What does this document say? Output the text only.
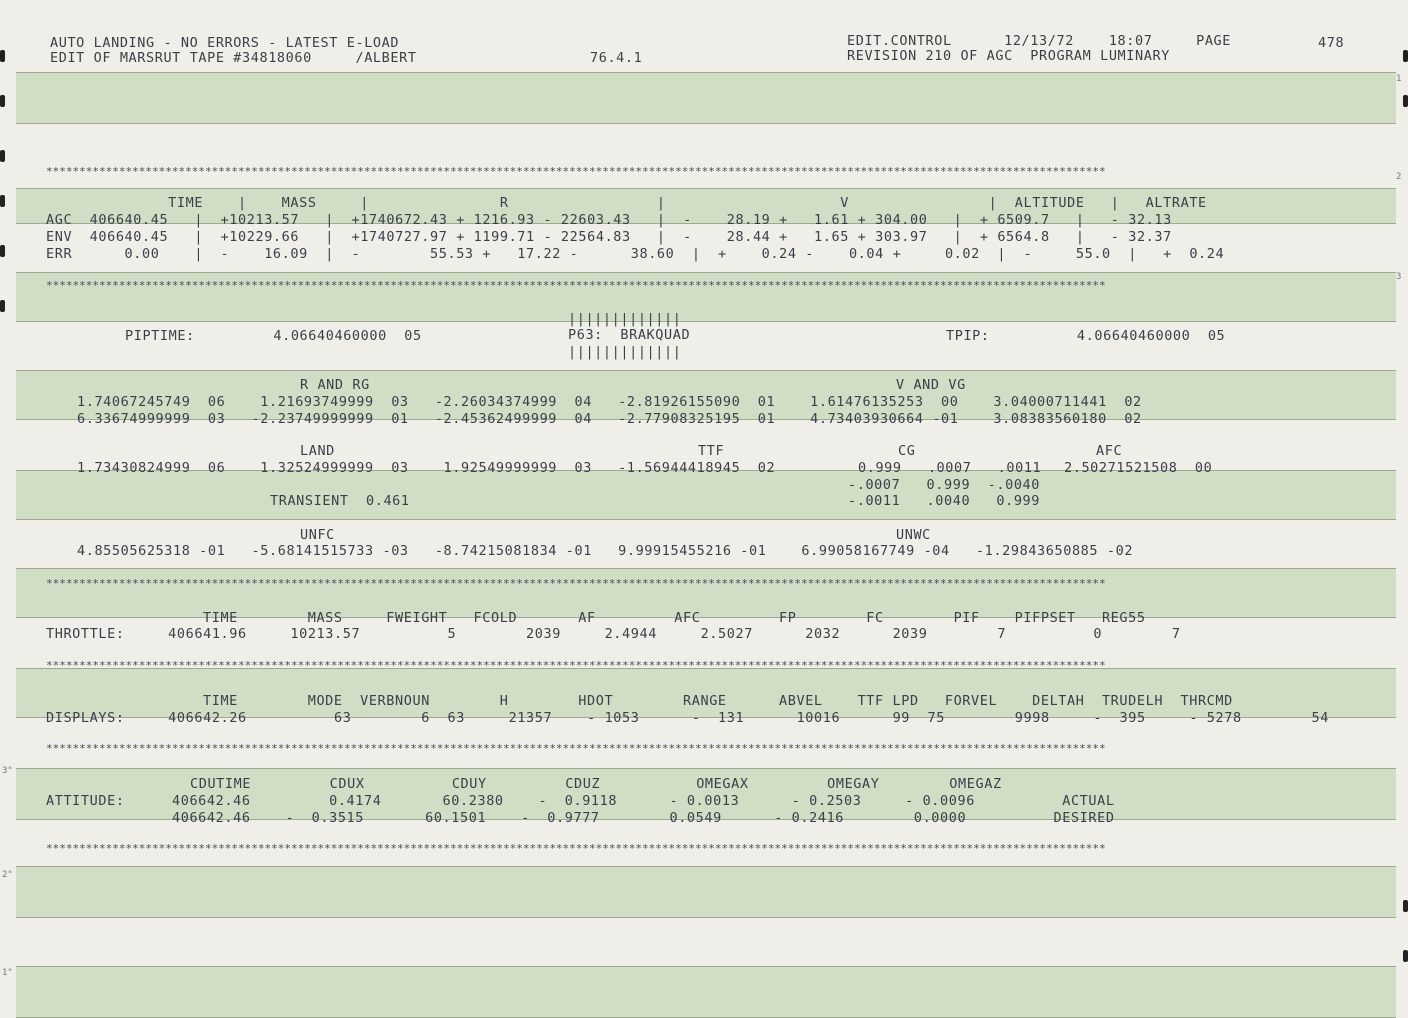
1
2
3
3"
2"
1"
AUTO LANDING - NO ERRORS - LATEST E-LOAD
EDIT OF MARSRUT TAPE #34818060     /ALBERT	76.4.1
EDIT.CONTROL      12/13/72    18:07     PAGE	478
REVISION 210 OF AGC  PROGRAM LUMINARY
****************************************************************************************************************************************************************
****************************************************************************************************************************************************************
****************************************************************************************************************************************************************
****************************************************************************************************************************************************************
****************************************************************************************************************************************************************
****************************************************************************************************************************************************************
TIME    |    MASS     |               R                 |                    V                |  ALTITUDE   |   ALTRATE
AGC  406640.45   |  +10213.57   |  +1740672.43 + 1216.93 - 22603.43   |  -    28.19 +   1.61 + 304.00   |  + 6509.7   |   - 32.13
ENV  406640.45   |  +10229.66   |  +1740727.97 + 1199.71 - 22564.83   |  -    28.44 +   1.65 + 303.97   |  + 6564.8   |   - 32.37
ERR      0.00    |  -    16.09  |  -        55.53 +   17.22 -      38.60  |  +    0.24 -    0.04 +     0.02  |  -     55.0  |   +  0.24
|||||||||||||
PIPTIME:         4.06640460000  05	P63:  BRAKQUAD	TPIP:          4.06640460000  05
|||||||||||||
R AND RG	V AND VG
1.74067245749  06    1.21693749999  03   -2.26034374999  04   -2.81926155090  01    1.61476135253  00    3.04000711441  02
6.33674999999  03   -2.23749999999  01   -2.45362499999  04   -2.77908325195  01    4.73403930664 -01    3.08383560180  02
LAND	TTF	CG	AFC
1.73430824999  06    1.32524999999  03    1.92549999999  03   -1.56944418945  02	0.999   .0007   .0011 2.50271521508  00
-.0007   0.999  -.0040
TRANSIENT  0.461	-.0011   .0040   0.999
UNFC	UNWC
4.85505625318 -01   -5.68141515733 -03   -8.74215081834 -01   9.99915455216 -01    6.99058167749 -04   -1.29843650885 -02
TIME        MASS     FWEIGHT   FCOLD       AF         AFC         FP        FC        PIF    PIFPSET   REG55
THROTTLE:     406641.96     10213.57          5        2039     2.4944     2.5027      2032      2039        7          0        7
TIME        MODE  VERBNOUN        H        HDOT        RANGE      ABVEL    TTF LPD   FORVEL    DELTAH  TRUDELH  THRCMD
DISPLAYS:     406642.26          63        6  63     21357    - 1053      -  131      10016      99  75        9998     -  395     - 5278        54
CDUTIME         CDUX          CDUY         CDUZ           OMEGAX         OMEGAY        OMEGAZ
ATTITUDE:	406642.46         0.4174       60.2380    -  0.9118      - 0.0013      - 0.2503     - 0.0096          ACTUAL
406642.46    -  0.3515       60.1501    -  0.9777        0.0549      - 0.2416        0.0000          DESIRED
